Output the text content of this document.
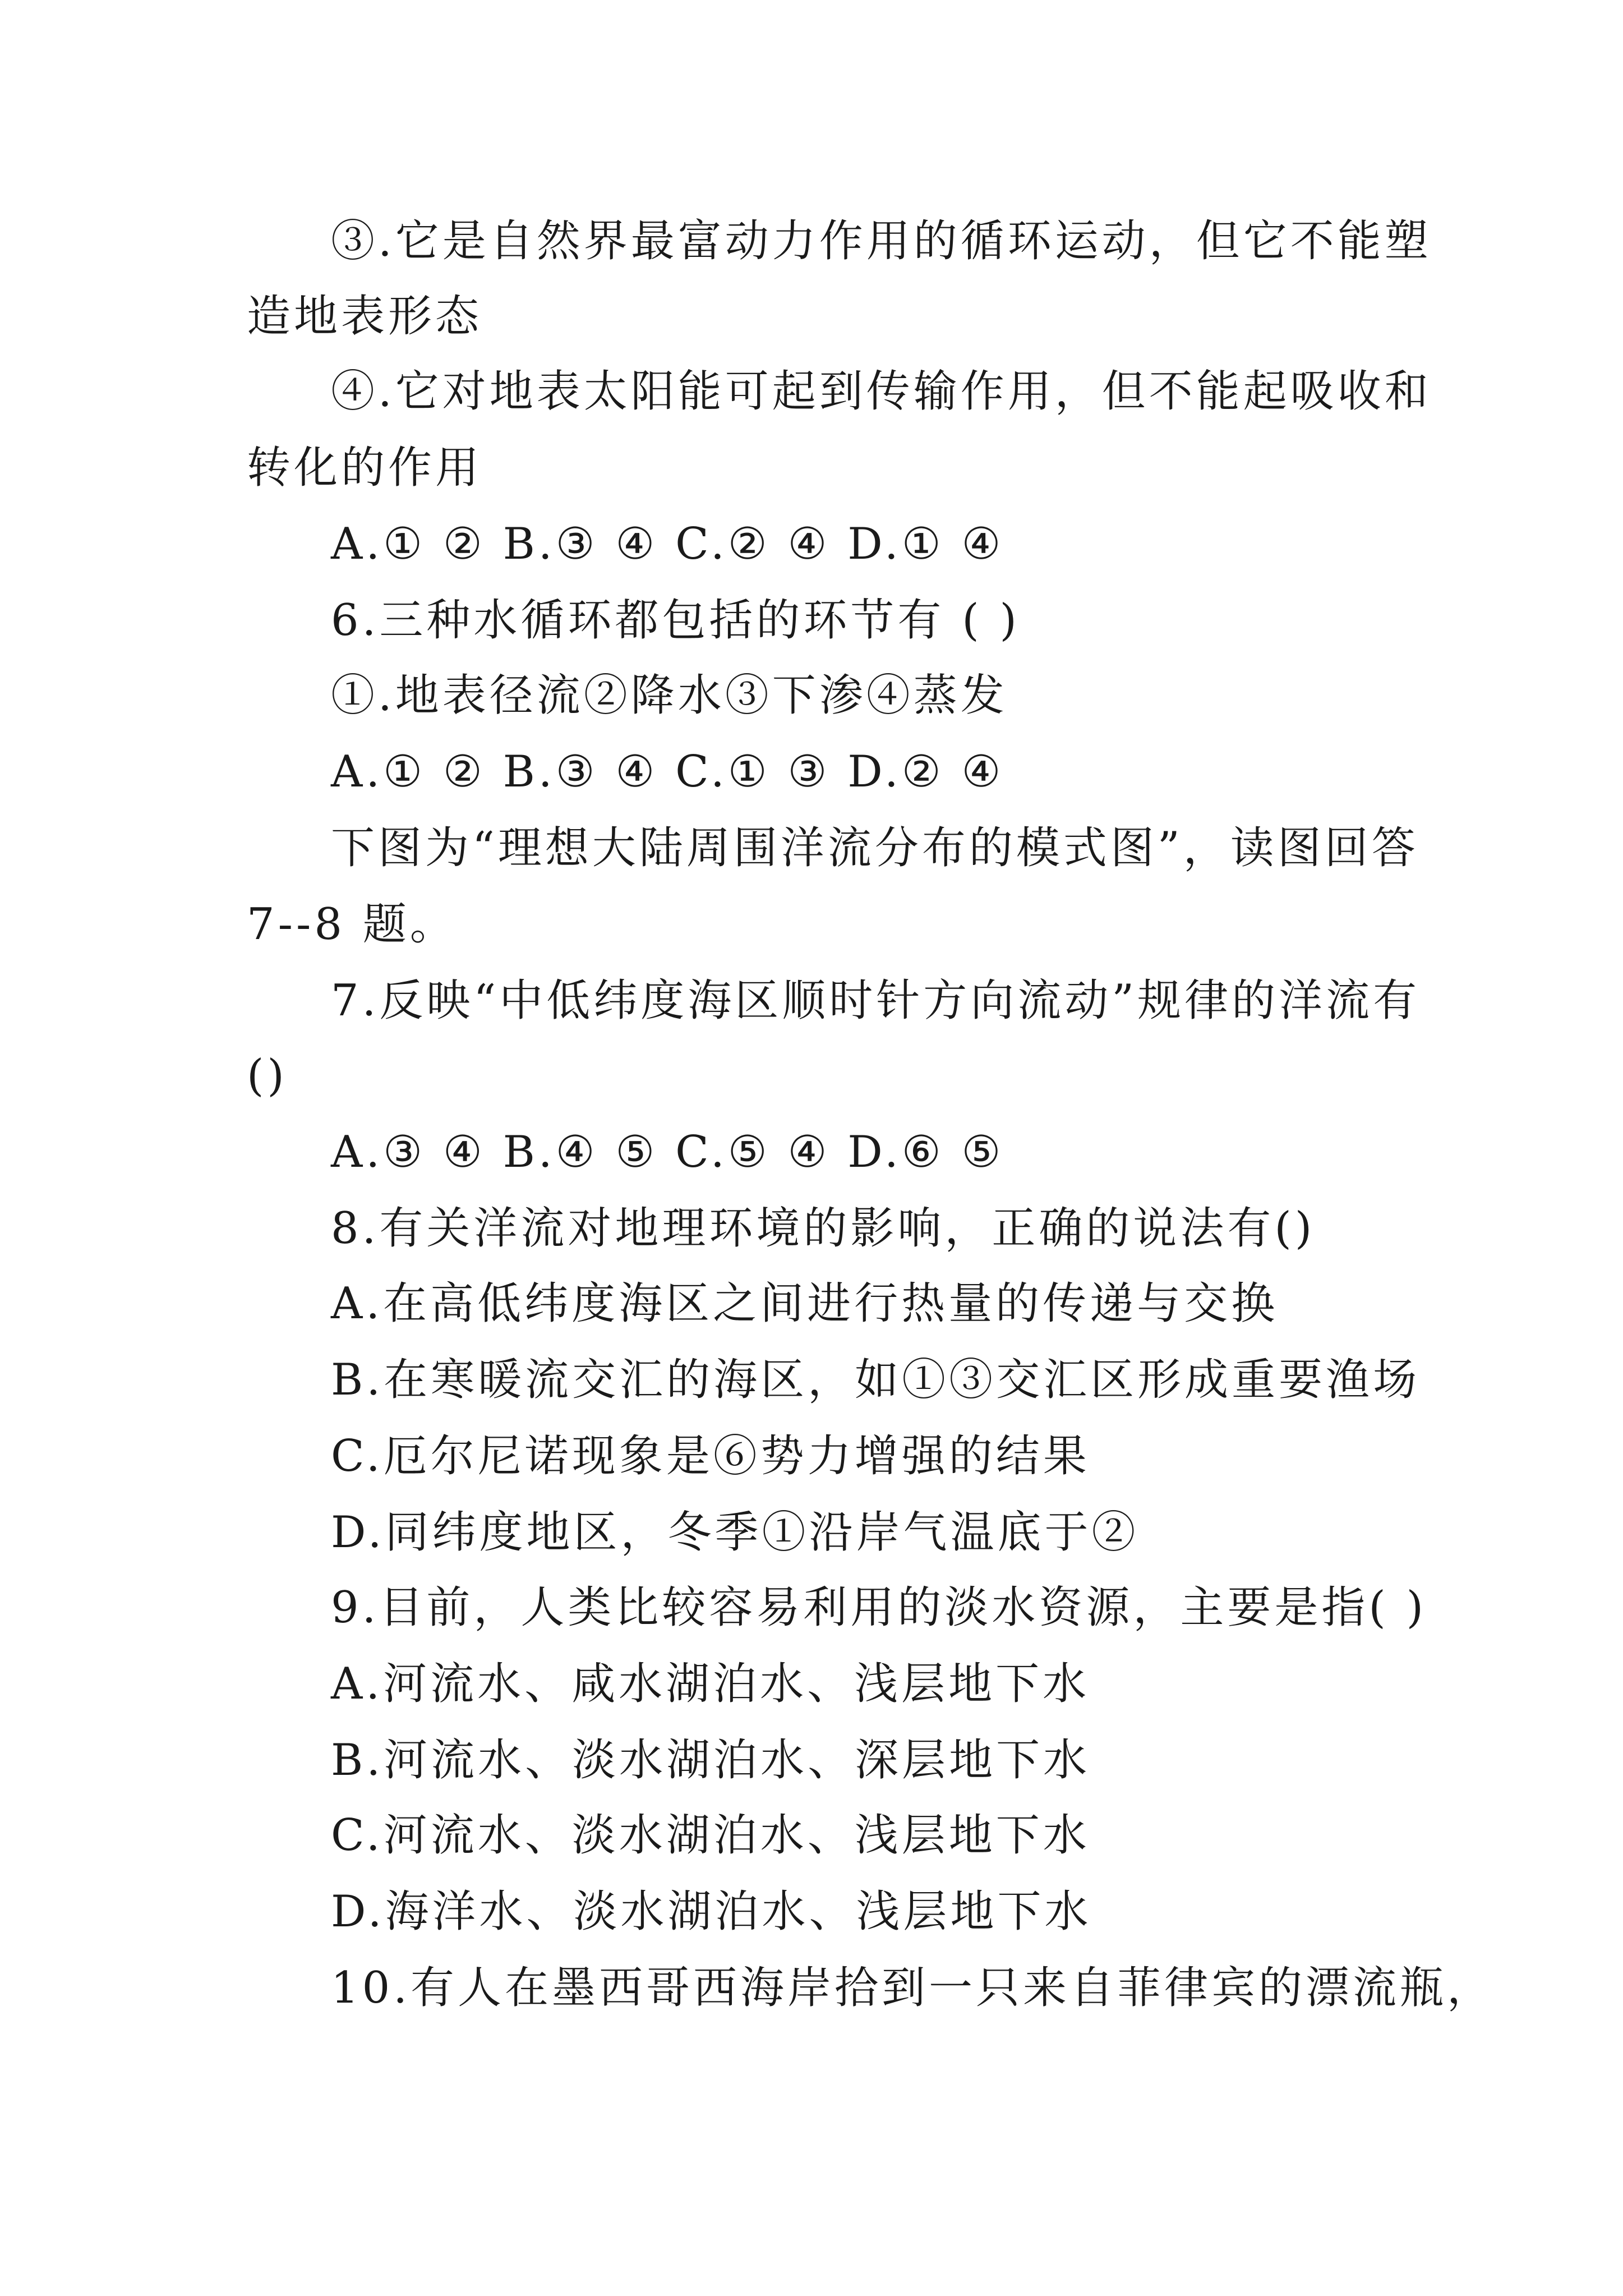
③.它是自然界最富动力作用的循环运动，但它不能塑
造地表形态
④.它对地表太阳能可起到传输作用，但不能起吸收和
转化的作用
A.① ② B.③ ④ C.② ④ D.① ④
6.三种水循环都包括的环节有 ( )
①.地表径流②降水③下渗④蒸发
A.① ② B.③ ④ C.① ③ D.② ④
下图为“理想大陆周围洋流分布的模式图”，读图回答
7--8 题。
7.反映“中低纬度海区顺时针方向流动”规律的洋流有
()
A.③ ④ B.④ ⑤ C.⑤ ④ D.⑥ ⑤
8.有关洋流对地理环境的影响，正确的说法有()
A.在高低纬度海区之间进行热量的传递与交换
B.在寒暖流交汇的海区，如①③交汇区形成重要渔场
C.厄尔尼诺现象是⑥势力增强的结果
D.同纬度地区，冬季①沿岸气温底于②
9.目前，人类比较容易利用的淡水资源，主要是指( )
A.河流水、咸水湖泊水、浅层地下水
B.河流水、淡水湖泊水、深层地下水
C.河流水、淡水湖泊水、浅层地下水
D.海洋水、淡水湖泊水、浅层地下水
10.有人在墨西哥西海岸拾到一只来自菲律宾的漂流瓶，
